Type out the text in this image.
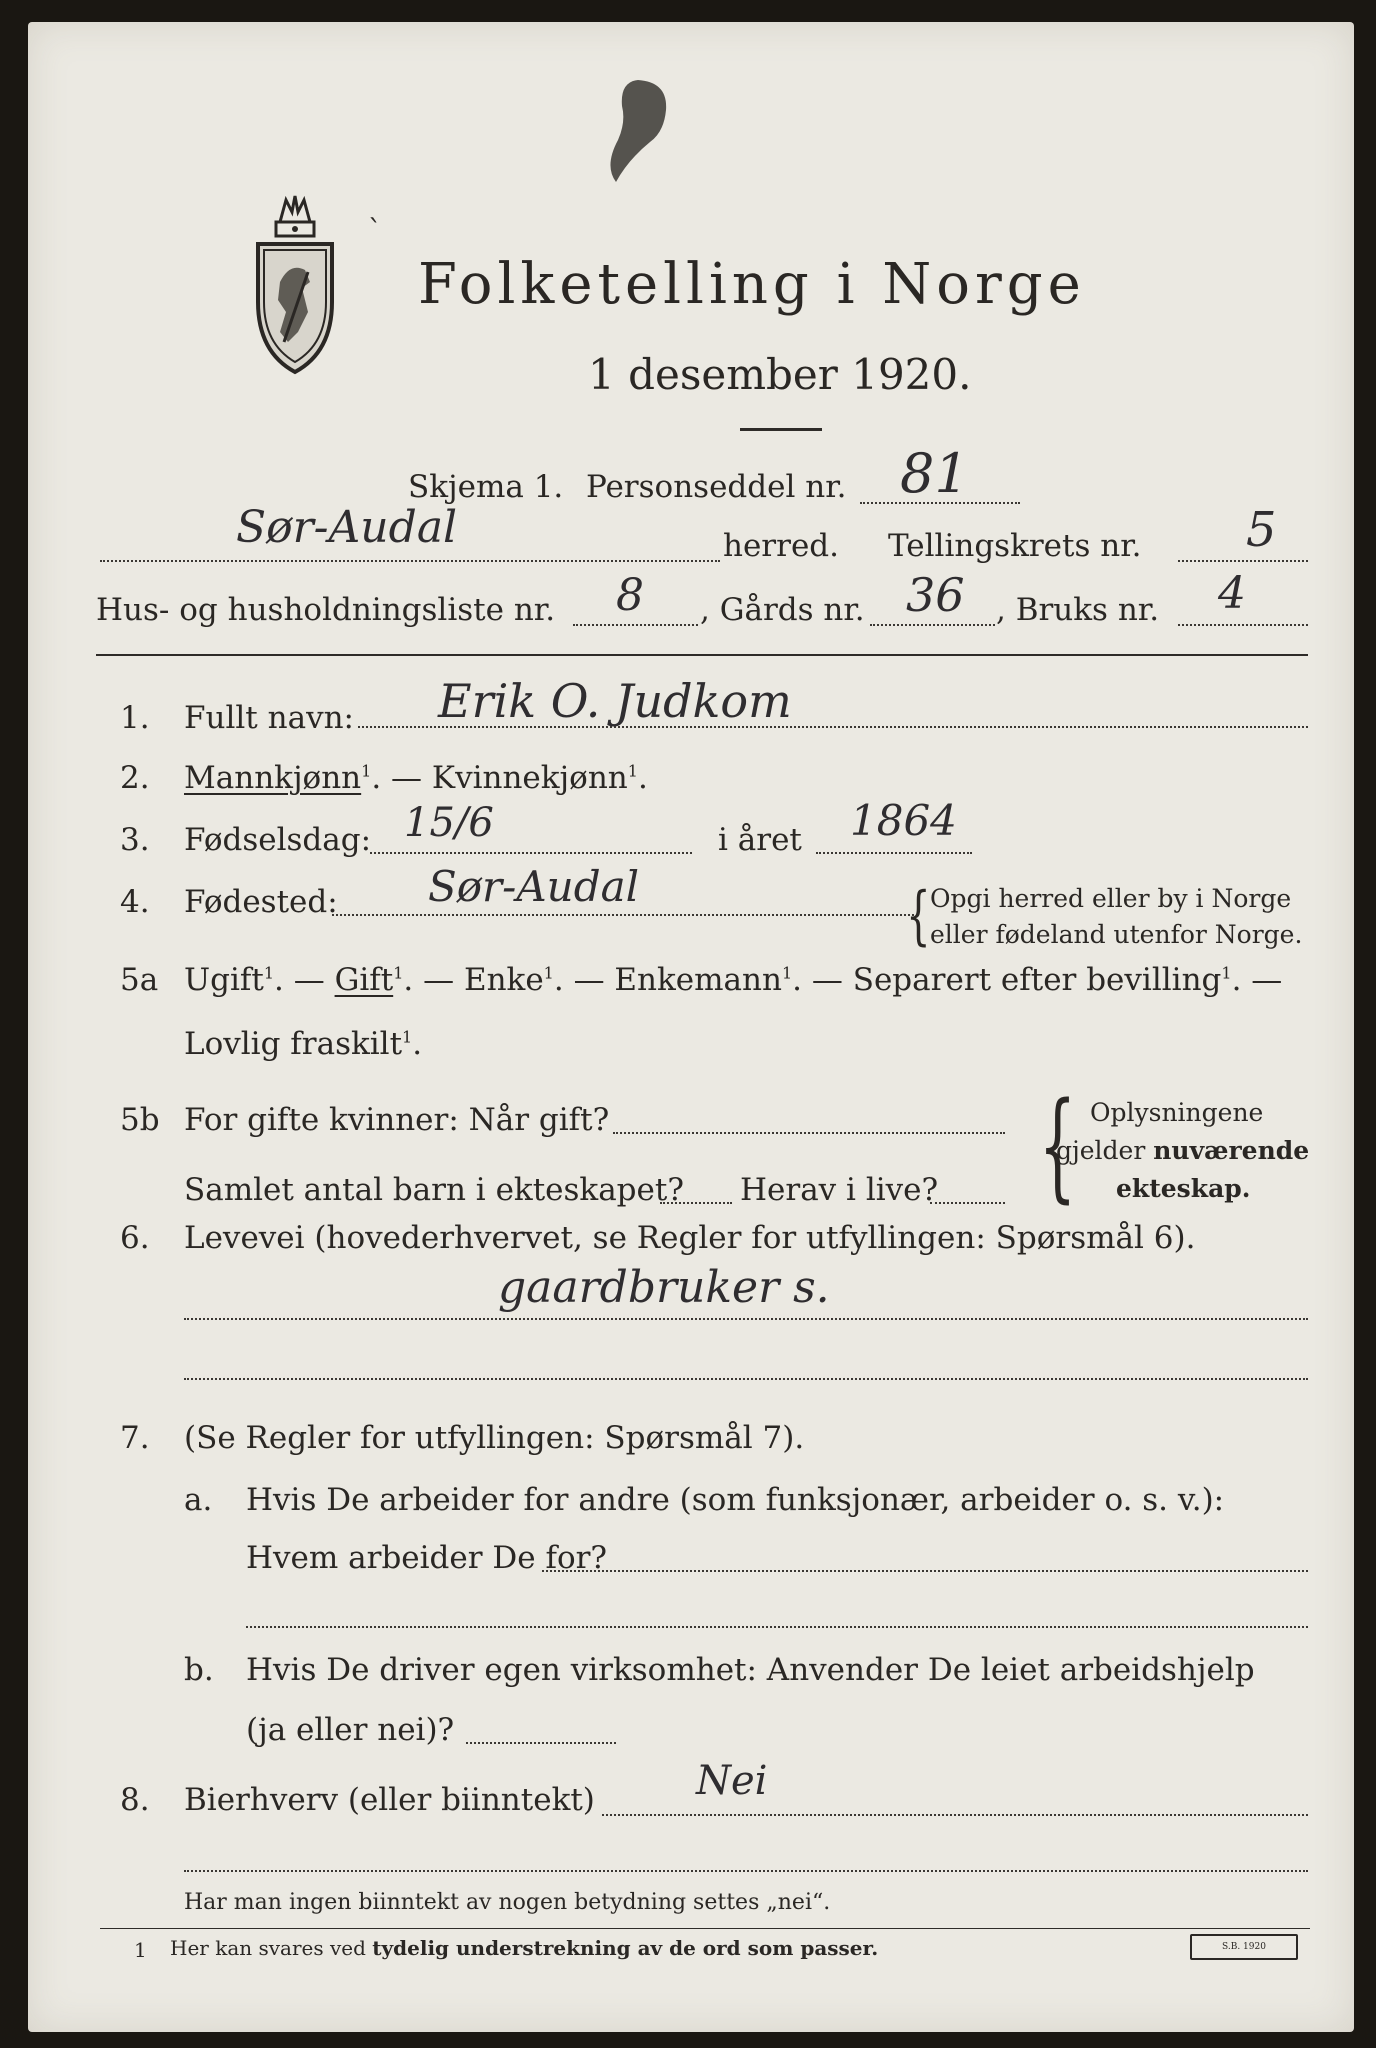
`
Folketelling i Norge
1 desember 1920.
Skjema 1. Personseddel nr. 81
Sør-Audal	herred. Tellingskrets nr. 5
Hus- og husholdningsliste nr. 8 , Gårds nr. 36 , Bruks nr. 4
1. Fullt navn: Erik O. Judkom
2. Mannkjønn$^1$. — Kvinnekjønn$^1$.
3. Fødselsdag: 15/6	i året 1864
4. Fødested: Sør-Audal	{ Opgi herred eller by i Norge
eller fødeland utenfor Norge.
5a Ugift$^1$. — Gift$^1$. — Enke$^1$. — Enkemann$^1$. — Separert efter bevilling$^1$. —
Lovlig fraskilt$^1$.
5b For gifte kvinner: Når gift?
Samlet antal barn i ekteskapet? Herav i live? { Oplysningene
gjelder nuværende
ekteskap.
6. Levevei (hovederhvervet, se Regler for utfyllingen: Spørsmål 6).
gaardbruker s.
7. (Se Regler for utfyllingen: Spørsmål 7).
a. Hvis De arbeider for andre (som funksjonær, arbeider o. s. v.):
Hvem arbeider De for?
b. Hvis De driver egen virksomhet: Anvender De leiet arbeidshjelp
(ja eller nei)?
8. Bierhverv (eller biinntekt)	Nei
Har man ingen biinntekt av nogen betydning settes „nei“.
1 Her kan svares ved tydelig understrekning av de ord som passer.	S.B. 1920
